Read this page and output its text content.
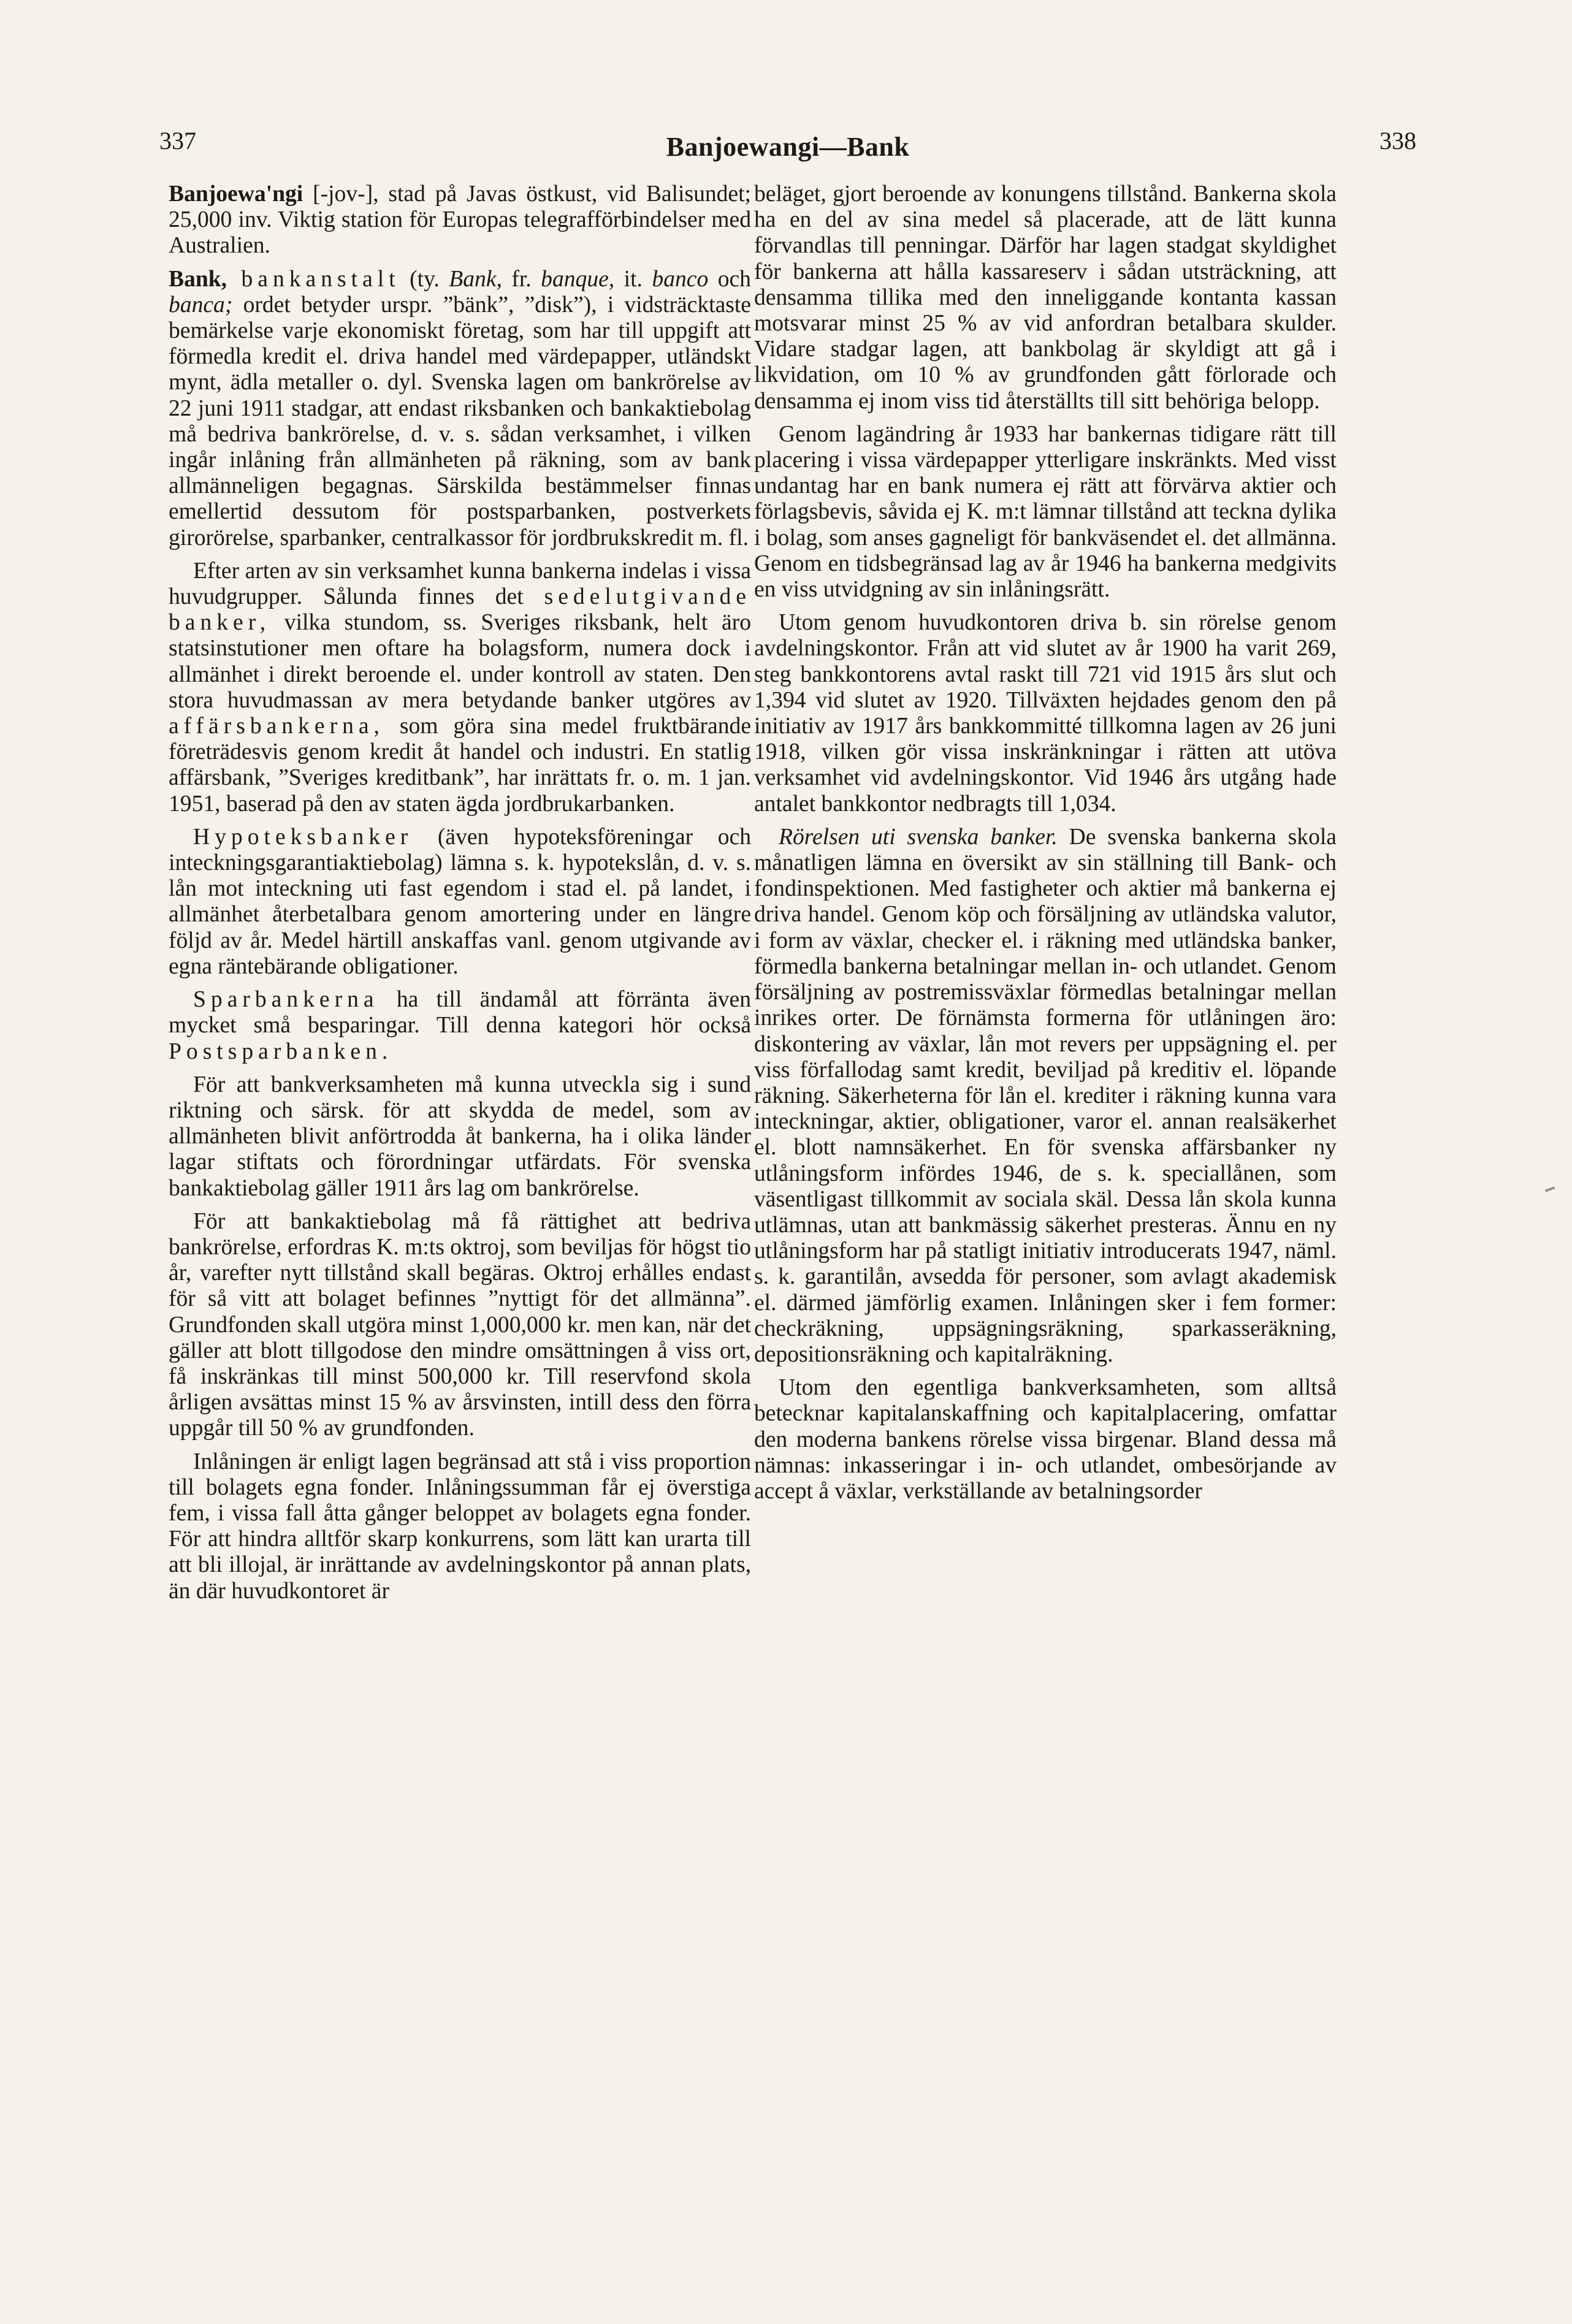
337	Banjoewangi—Bank	338

Banjoewa'ngi [-jov-], stad på Javas östkust, vid Balisundet; 25,000 inv. Viktig station för Europas telegrafförbindelser med Australien.

Bank, bankanstalt (ty. Bank, fr. banque, it. banco och banca; ordet betyder urspr. ”bänk”, ”disk”), i vidsträcktaste bemärkelse varje ekonomiskt företag, som har till uppgift att förmedla kredit el. driva handel med värdepapper, utländskt mynt, ädla metaller o. dyl. Svenska lagen om bankrörelse av 22 juni 1911 stadgar, att endast riksbanken och bankaktiebolag må bedriva bankrörelse, d. v. s. sådan verksamhet, i vilken ingår inlåning från allmänheten på räkning, som av bank allmänneligen begagnas. Särskilda bestämmelser finnas emellertid dessutom för postsparbanken, postverkets girorörelse, sparbanker, centralkassor för jordbrukskredit m. fl.

Efter arten av sin verksamhet kunna bankerna indelas i vissa huvudgrupper. Sålunda finnes det sedelutgivande banker, vilka stundom, ss. Sveriges riksbank, helt äro statsinstutioner men oftare ha bolagsform, numera dock i allmänhet i direkt beroende el. under kontroll av staten. Den stora huvudmassan av mera betydande banker utgöres av affärsbankerna, som göra sina medel fruktbärande företrädesvis genom kredit åt handel och industri. En statlig affärsbank, ”Sveriges kreditbank”, har inrättats fr. o. m. 1 jan. 1951, baserad på den av staten ägda jordbrukarbanken.

Hypoteksbanker (även hypoteksföreningar och inteckningsgarantiaktiebolag) lämna s. k. hypotekslån, d. v. s. lån mot inteckning uti fast egendom i stad el. på landet, i allmänhet återbetalbara genom amortering under en längre följd av år. Medel härtill anskaffas vanl. genom utgivande av egna räntebärande obligationer.

Sparbankerna ha till ändamål att förränta även mycket små besparingar. Till denna kategori hör också Postsparbanken.

För att bankverksamheten må kunna utveckla sig i sund riktning och särsk. för att skydda de medel, som av allmänheten blivit anförtrodda åt bankerna, ha i olika länder lagar stiftats och förordningar utfärdats. För svenska bankaktiebolag gäller 1911 års lag om bankrörelse.

För att bankaktiebolag må få rättighet att bedriva bankrörelse, erfordras K. m:ts oktroj, som beviljas för högst tio år, varefter nytt tillstånd skall begäras. Oktroj erhålles endast för så vitt att bolaget befinnes ”nyttigt för det allmänna”. Grundfonden skall utgöra minst 1,000,000 kr. men kan, när det gäller att blott tillgodose den mindre omsättningen å viss ort, få inskränkas till minst 500,000 kr. Till reservfond skola årligen avsättas minst 15 % av årsvinsten, intill dess den förra uppgår till 50 % av grundfonden.

Inlåningen är enligt lagen begränsad att stå i viss proportion till bolagets egna fonder. Inlåningssumman får ej överstiga fem, i vissa fall åtta gånger beloppet av bolagets egna fonder. För att hindra alltför skarp konkurrens, som lätt kan urarta till att bli illojal, är inrättande av avdelningskontor på annan plats, än där huvudkontoret är

beläget, gjort beroende av konungens tillstånd. Bankerna skola ha en del av sina medel så placerade, att de lätt kunna förvandlas till penningar. Därför har lagen stadgat skyldighet för bankerna att hålla kassareserv i sådan utsträckning, att densamma tillika med den inneliggande kontanta kassan motsvarar minst 25 % av vid anfordran betalbara skulder. Vidare stadgar lagen, att bankbolag är skyldigt att gå i likvidation, om 10 % av grundfonden gått förlorade och densamma ej inom viss tid återställts till sitt behöriga belopp.

Genom lagändring år 1933 har bankernas tidigare rätt till placering i vissa värdepapper ytterligare inskränkts. Med visst undantag har en bank numera ej rätt att förvärva aktier och förlagsbevis, såvida ej K. m:t lämnar tillstånd att teckna dylika i bolag, som anses gagneligt för bankväsendet el. det allmänna. Genom en tidsbegränsad lag av år 1946 ha bankerna medgivits en viss utvidgning av sin inlåningsrätt.

Utom genom huvudkontoren driva b. sin rörelse genom avdelningskontor. Från att vid slutet av år 1900 ha varit 269, steg bankkontorens avtal raskt till 721 vid 1915 års slut och 1,394 vid slutet av 1920. Tillväxten hejdades genom den på initiativ av 1917 års bankkommitté tillkomna lagen av 26 juni 1918, vilken gör vissa inskränkningar i rätten att utöva verksamhet vid avdelningskontor. Vid 1946 års utgång hade antalet bankkontor nedbragts till 1,034.

Rörelsen uti svenska banker. De svenska bankerna skola månatligen lämna en översikt av sin ställning till Bank- och fondinspektionen. Med fastigheter och aktier må bankerna ej driva handel. Genom köp och försäljning av utländska valutor, i form av växlar, checker el. i räkning med utländska banker, förmedla bankerna betalningar mellan in- och utlandet. Genom försäljning av postremissväxlar förmedlas betalningar mellan inrikes orter. De förnämsta formerna för utlåningen äro: diskontering av växlar, lån mot revers per uppsägning el. per viss förfallodag samt kredit, beviljad på kreditiv el. löpande räkning. Säkerheterna för lån el. krediter i räkning kunna vara inteckningar, aktier, obligationer, varor el. annan realsäkerhet el. blott namnsäkerhet. En för svenska affärsbanker ny utlåningsform infördes 1946, de s. k. speciallånen, som väsentligast tillkommit av sociala skäl. Dessa lån skola kunna utlämnas, utan att bankmässig säkerhet presteras. Ännu en ny utlåningsform har på statligt initiativ introducerats 1947, näml. s. k. garantilån, avsedda för personer, som avlagt akademisk el. därmed jämförlig examen. Inlåningen sker i fem former: checkräkning, uppsägningsräkning, sparkasseräkning, depositionsräkning och kapitalräkning.

Utom den egentliga bankverksamheten, som alltså betecknar kapitalanskaffning och kapitalplacering, omfattar den moderna bankens rörelse vissa birgenar. Bland dessa må nämnas: inkasseringar i in- och utlandet, ombesörjande av accept å växlar, verkställande av betalningsorder
